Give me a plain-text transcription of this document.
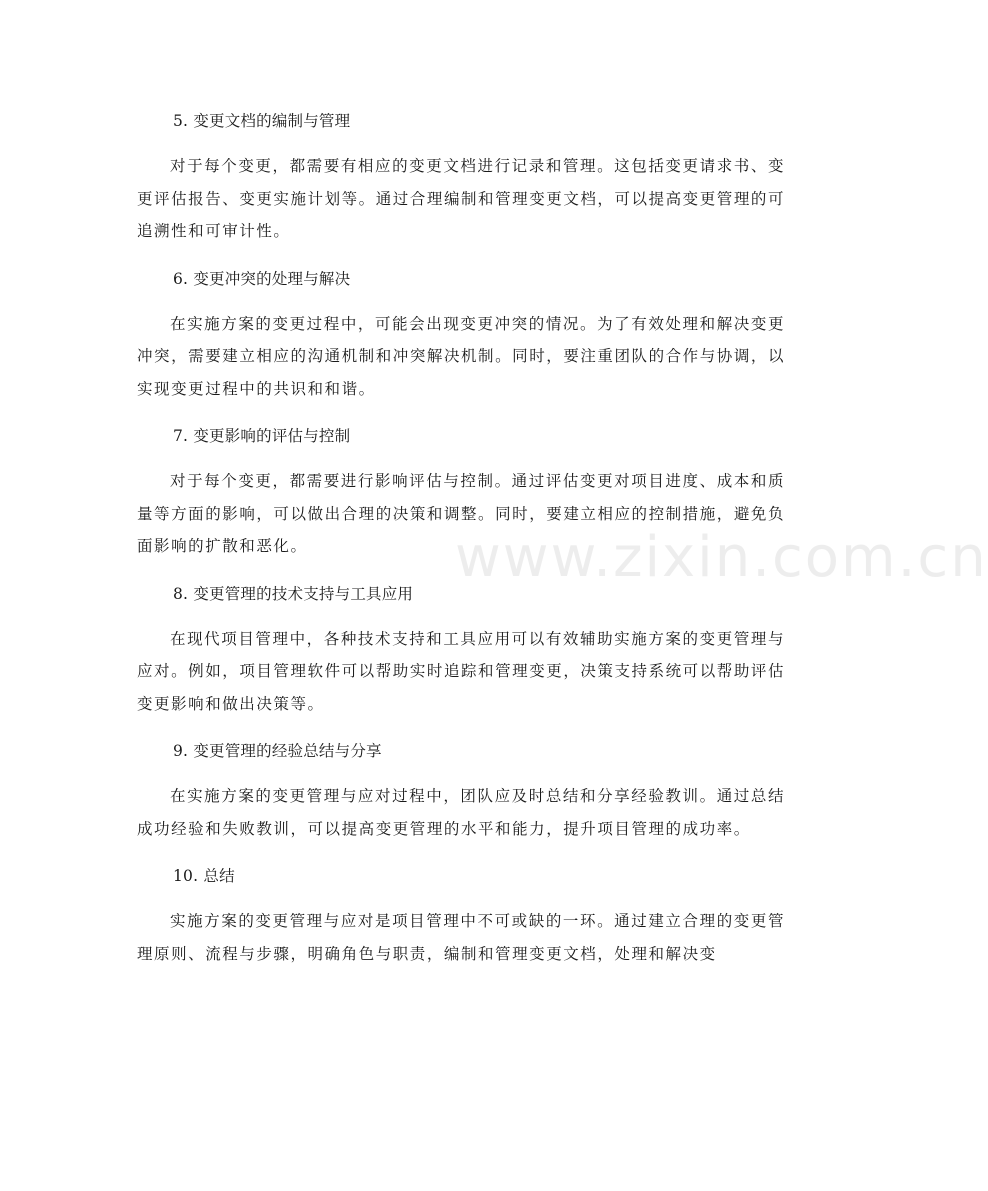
5. 变更文档的编制与管理

对于每个变更，都需要有相应的变更文档进行记录和管理。这包括变更请求书、变更评估报告、变更实施计划等。通过合理编制和管理变更文档，可以提高变更管理的可追溯性和可审计性。

6. 变更冲突的处理与解决

在实施方案的变更过程中，可能会出现变更冲突的情况。为了有效处理和解决变更冲突，需要建立相应的沟通机制和冲突解决机制。同时，要注重团队的合作与协调，以实现变更过程中的共识和和谐。

7. 变更影响的评估与控制

对于每个变更，都需要进行影响评估与控制。通过评估变更对项目进度、成本和质量等方面的影响，可以做出合理的决策和调整。同时，要建立相应的控制措施，避免负面影响的扩散和恶化。

8. 变更管理的技术支持与工具应用

在现代项目管理中，各种技术支持和工具应用可以有效辅助实施方案的变更管理与应对。例如，项目管理软件可以帮助实时追踪和管理变更，决策支持系统可以帮助评估变更影响和做出决策等。

9. 变更管理的经验总结与分享

在实施方案的变更管理与应对过程中，团队应及时总结和分享经验教训。通过总结成功经验和失败教训，可以提高变更管理的水平和能力，提升项目管理的成功率。

10. 总结

实施方案的变更管理与应对是项目管理中不可或缺的一环。通过建立合理的变更管理原则、流程与步骤，明确角色与职责，编制和管理变更文档，处理和解决变

www.zixin.com.cn
